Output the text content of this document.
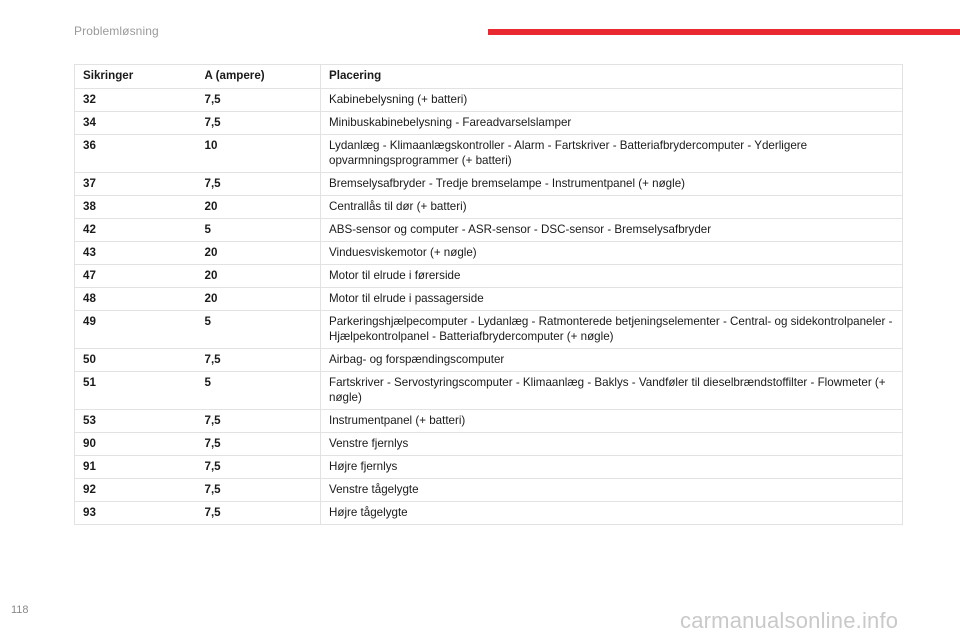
Problemløsning
Sikringer	A (ampere)	Placering
32	7,5	Kabinebelysning (+ batteri)
34	7,5	Minibuskabinebelysning - Fareadvarselslamper
36	10	Lydanlæg - Klimaanlægskontroller - Alarm - Fartskriver - Batteriafbrydercomputer - Yderligere opvarmningsprogrammer (+ batteri)
37	7,5	Bremselysafbryder - Tredje bremselampe - Instrumentpanel (+ nøgle)
38	20	Centrallås til dør (+ batteri)
42	5	ABS-sensor og computer - ASR-sensor - DSC-sensor - Bremselysafbryder
43	20	Vinduesviskemotor (+ nøgle)
47	20	Motor til elrude i førerside
48	20	Motor til elrude i passagerside
49	5	Parkeringshjælpecomputer - Lydanlæg - Ratmonterede betjeningselementer - Central- og sidekontrolpaneler - Hjælpekontrolpanel - Batteriafbrydercomputer (+ nøgle)
50	7,5	Airbag- og forspændingscomputer
51	5	Fartskriver - Servostyringscomputer - Klimaanlæg - Baklys - Vandføler til dieselbrændstoffilter - Flowmeter (+ nøgle)
53	7,5	Instrumentpanel (+ batteri)
90	7,5	Venstre fjernlys
91	7,5	Højre fjernlys
92	7,5	Venstre tågelygte
93	7,5	Højre tågelygte
118	carmanualsonline.info
